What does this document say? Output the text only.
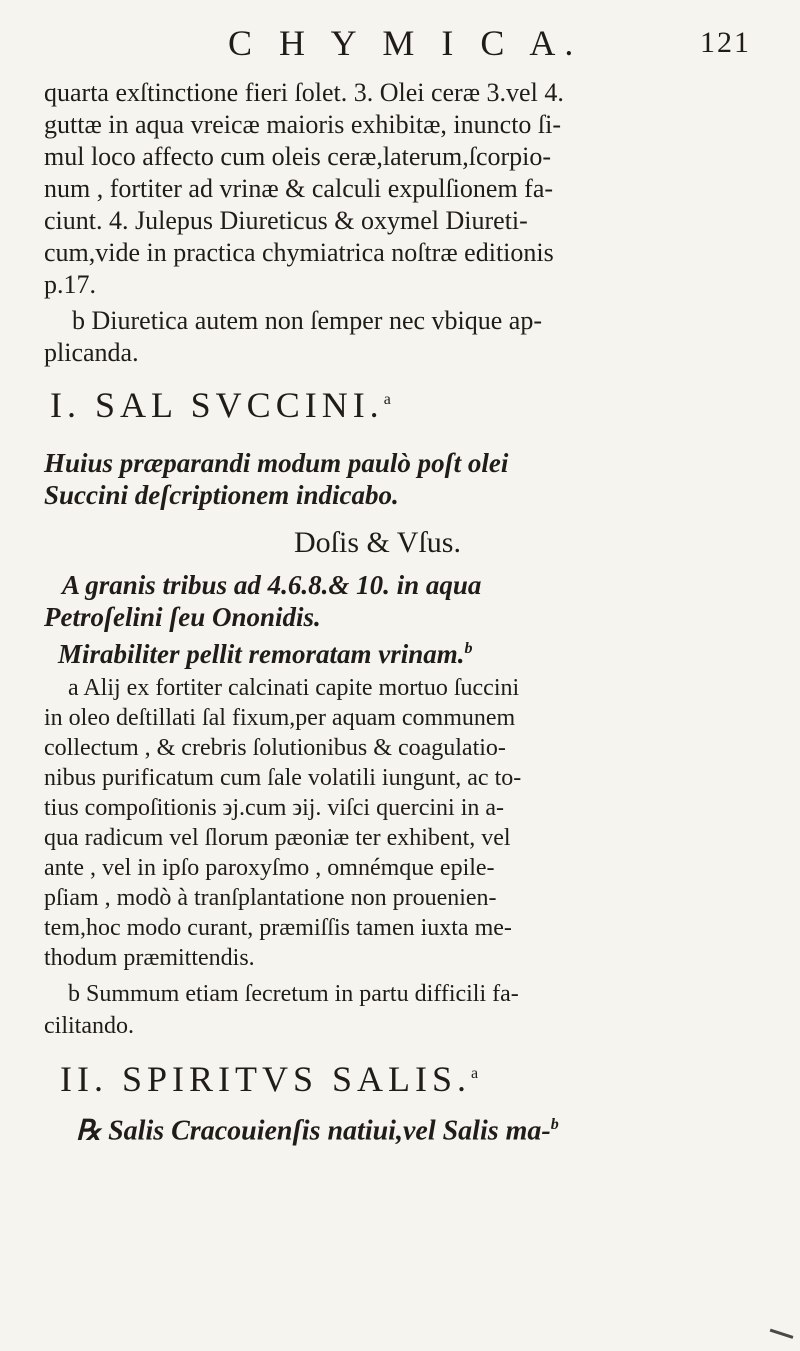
C H Y M I C A.	121
quarta exſtinctione fieri ſolet. 3. Olei ceræ 3.vel 4.
guttæ in aqua vreicæ maioris exhibitæ, inuncto ſi-
mul loco affecto cum oleis ceræ,laterum,ſcorpio-
num , fortiter ad vrinæ & calculi expulſionem fa-
ciunt. 4. Julepus Diureticus & oxymel Diureti-
cum,vide in practica chymiatrica noſtræ editionis
p.17.
b Diuretica autem non ſemper nec vbique ap-
plicanda.
I. SAL SVCCINI.$^a$
Huius præparandi modum paulò poſt olei
Succini deſcriptionem indicabo.
Doſis & Vſus.
A granis tribus ad 4.6.8.& 10. in aqua
Petroſelini ſeu Ononidis.
Mirabiliter pellit remoratam vrinam.$^b$
a Alij ex fortiter calcinati capite mortuo ſuccini
in oleo deſtillati ſal fixum,per aquam communem
collectum , & crebris ſolutionibus & coagulatio-
nibus purificatum cum ſale volatili iungunt, ac to-
tius compoſitionis ϶j.cum ϶ij. viſci quercini in a-
qua radicum vel ſlorum pæoniæ ter exhibent, vel
ante , vel in ipſo paroxyſmo , omnémque epile-
pſiam , modò à tranſplantatione non prouenien-
tem,hoc modo curant, præmiſſis tamen iuxta me-
thodum præmittendis.
b Summum etiam ſecretum in partu difficili fa-
cilitando.
II. SPIRITVS SALIS.$^a$
℞ Salis Cracouienſis natiui,vel Salis ma-$^b$
